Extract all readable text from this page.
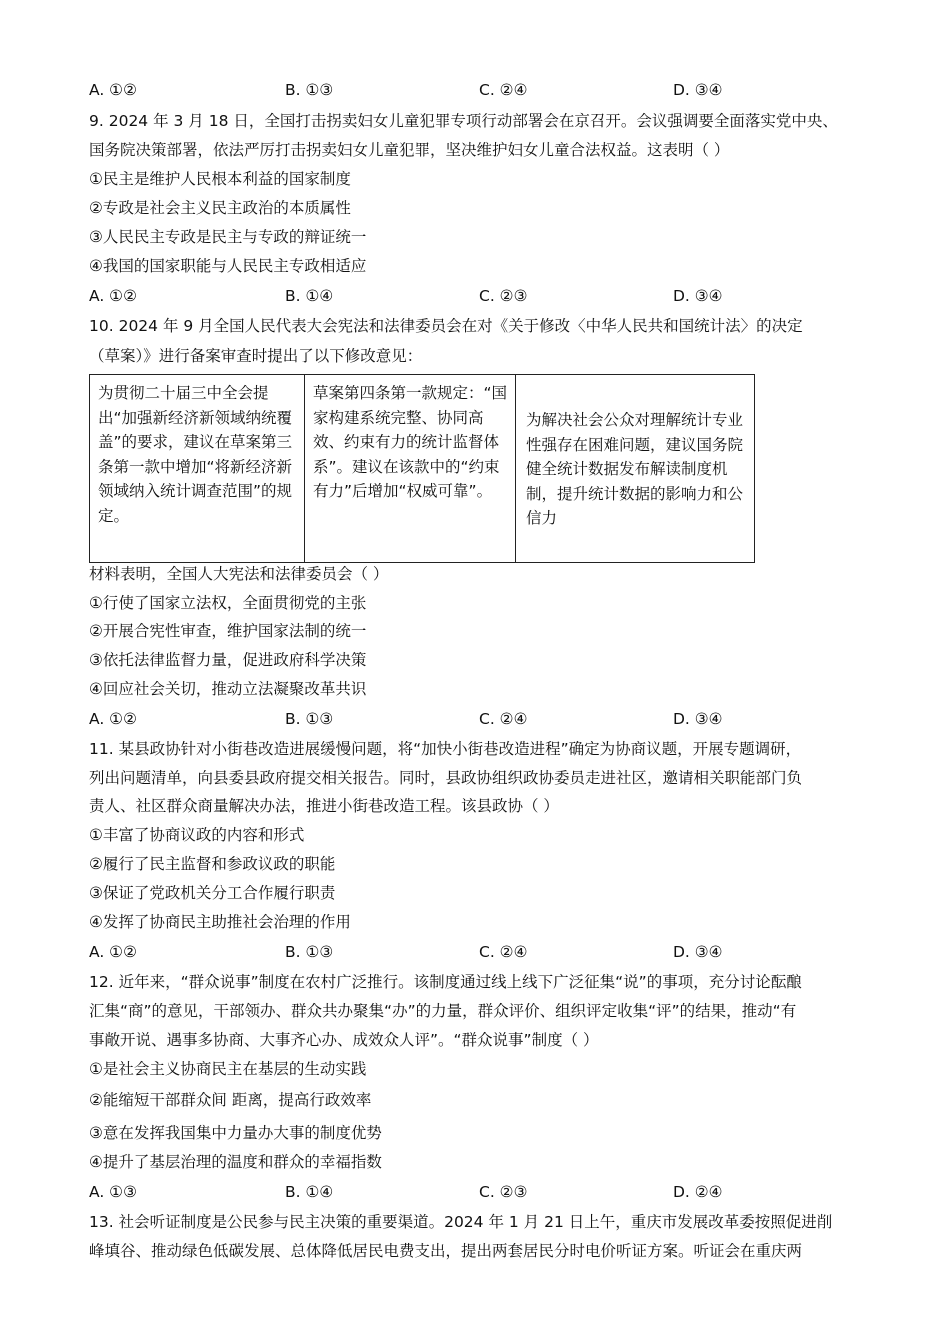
A. ①②	B. ①③	C. ②④	D. ③④
9. 2024 年 3 月 18 日，全国打击拐卖妇女儿童犯罪专项行动部署会在京召开。会议强调要全面落实党中央、
国务院决策部署，依法严厉打击拐卖妇女儿童犯罪，坚决维护妇女儿童合法权益。这表明（ ）
①民主是维护人民根本利益的国家制度
②专政是社会主义民主政治的本质属性
③人民民主专政是民主与专政的辩证统一
④我国的国家职能与人民民主专政相适应
A. ①②	B. ①④	C. ②③	D. ③④
10. 2024 年 9 月全国人民代表大会宪法和法律委员会在对《关于修改〈中华人民共和国统计法〉的决定
（草案）》进行备案审查时提出了以下修改意见：
为贯彻二十届三中全会提出“加强新经济新领域纳统覆盖”的要求，建议在草案第三条第一款中增加“将新经济新领域纳入统计调查范围”的规定。	草案第四条第一款规定：“国家构建系统完整、协同高效、约束有力的统计监督体系”。建议在该款中的“约束有力”后增加“权威可靠”。	为解决社会公众对理解统计专业性强存在困难问题，建议国务院健全统计数据发布解读制度机制，提升统计数据的影响力和公信力
材料表明，全国人大宪法和法律委员会（ ）
①行使了国家立法权，全面贯彻党的主张
②开展合宪性审查，维护国家法制的统一
③依托法律监督力量，促进政府科学决策
④回应社会关切，推动立法凝聚改革共识
A. ①②	B. ①③	C. ②④	D. ③④
11. 某县政协针对小街巷改造进展缓慢问题，将“加快小街巷改造进程”确定为协商议题，开展专题调研，
列出问题清单，向县委县政府提交相关报告。同时，县政协组织政协委员走进社区，邀请相关职能部门负
责人、社区群众商量解决办法，推进小街巷改造工程。该县政协（ ）
①丰富了协商议政的内容和形式
②履行了民主监督和参政议政的职能
③保证了党政机关分工合作履行职责
④发挥了协商民主助推社会治理的作用
A. ①②	B. ①③	C. ②④	D. ③④
12. 近年来，“群众说事”制度在农村广泛推行。该制度通过线上线下广泛征集“说”的事项，充分讨论酝酿
汇集“商”的意见，干部领办、群众共办聚集“办”的力量，群众评价、组织评定收集“评”的结果，推动“有
事敞开说、遇事多协商、大事齐心办、成效众人评”。“群众说事”制度（ ）
①是社会主义协商民主在基层的生动实践
②能缩短干部群众间 距离，提高行政效率
③意在发挥我国集中力量办大事的制度优势
④提升了基层治理的温度和群众的幸福指数
A. ①③	B. ①④	C. ②③	D. ②④
13. 社会听证制度是公民参与民主决策的重要渠道。2024 年 1 月 21 日上午，重庆市发展改革委按照促进削
峰填谷、推动绿色低碳发展、总体降低居民电费支出，提出两套居民分时电价听证方案。听证会在重庆两
